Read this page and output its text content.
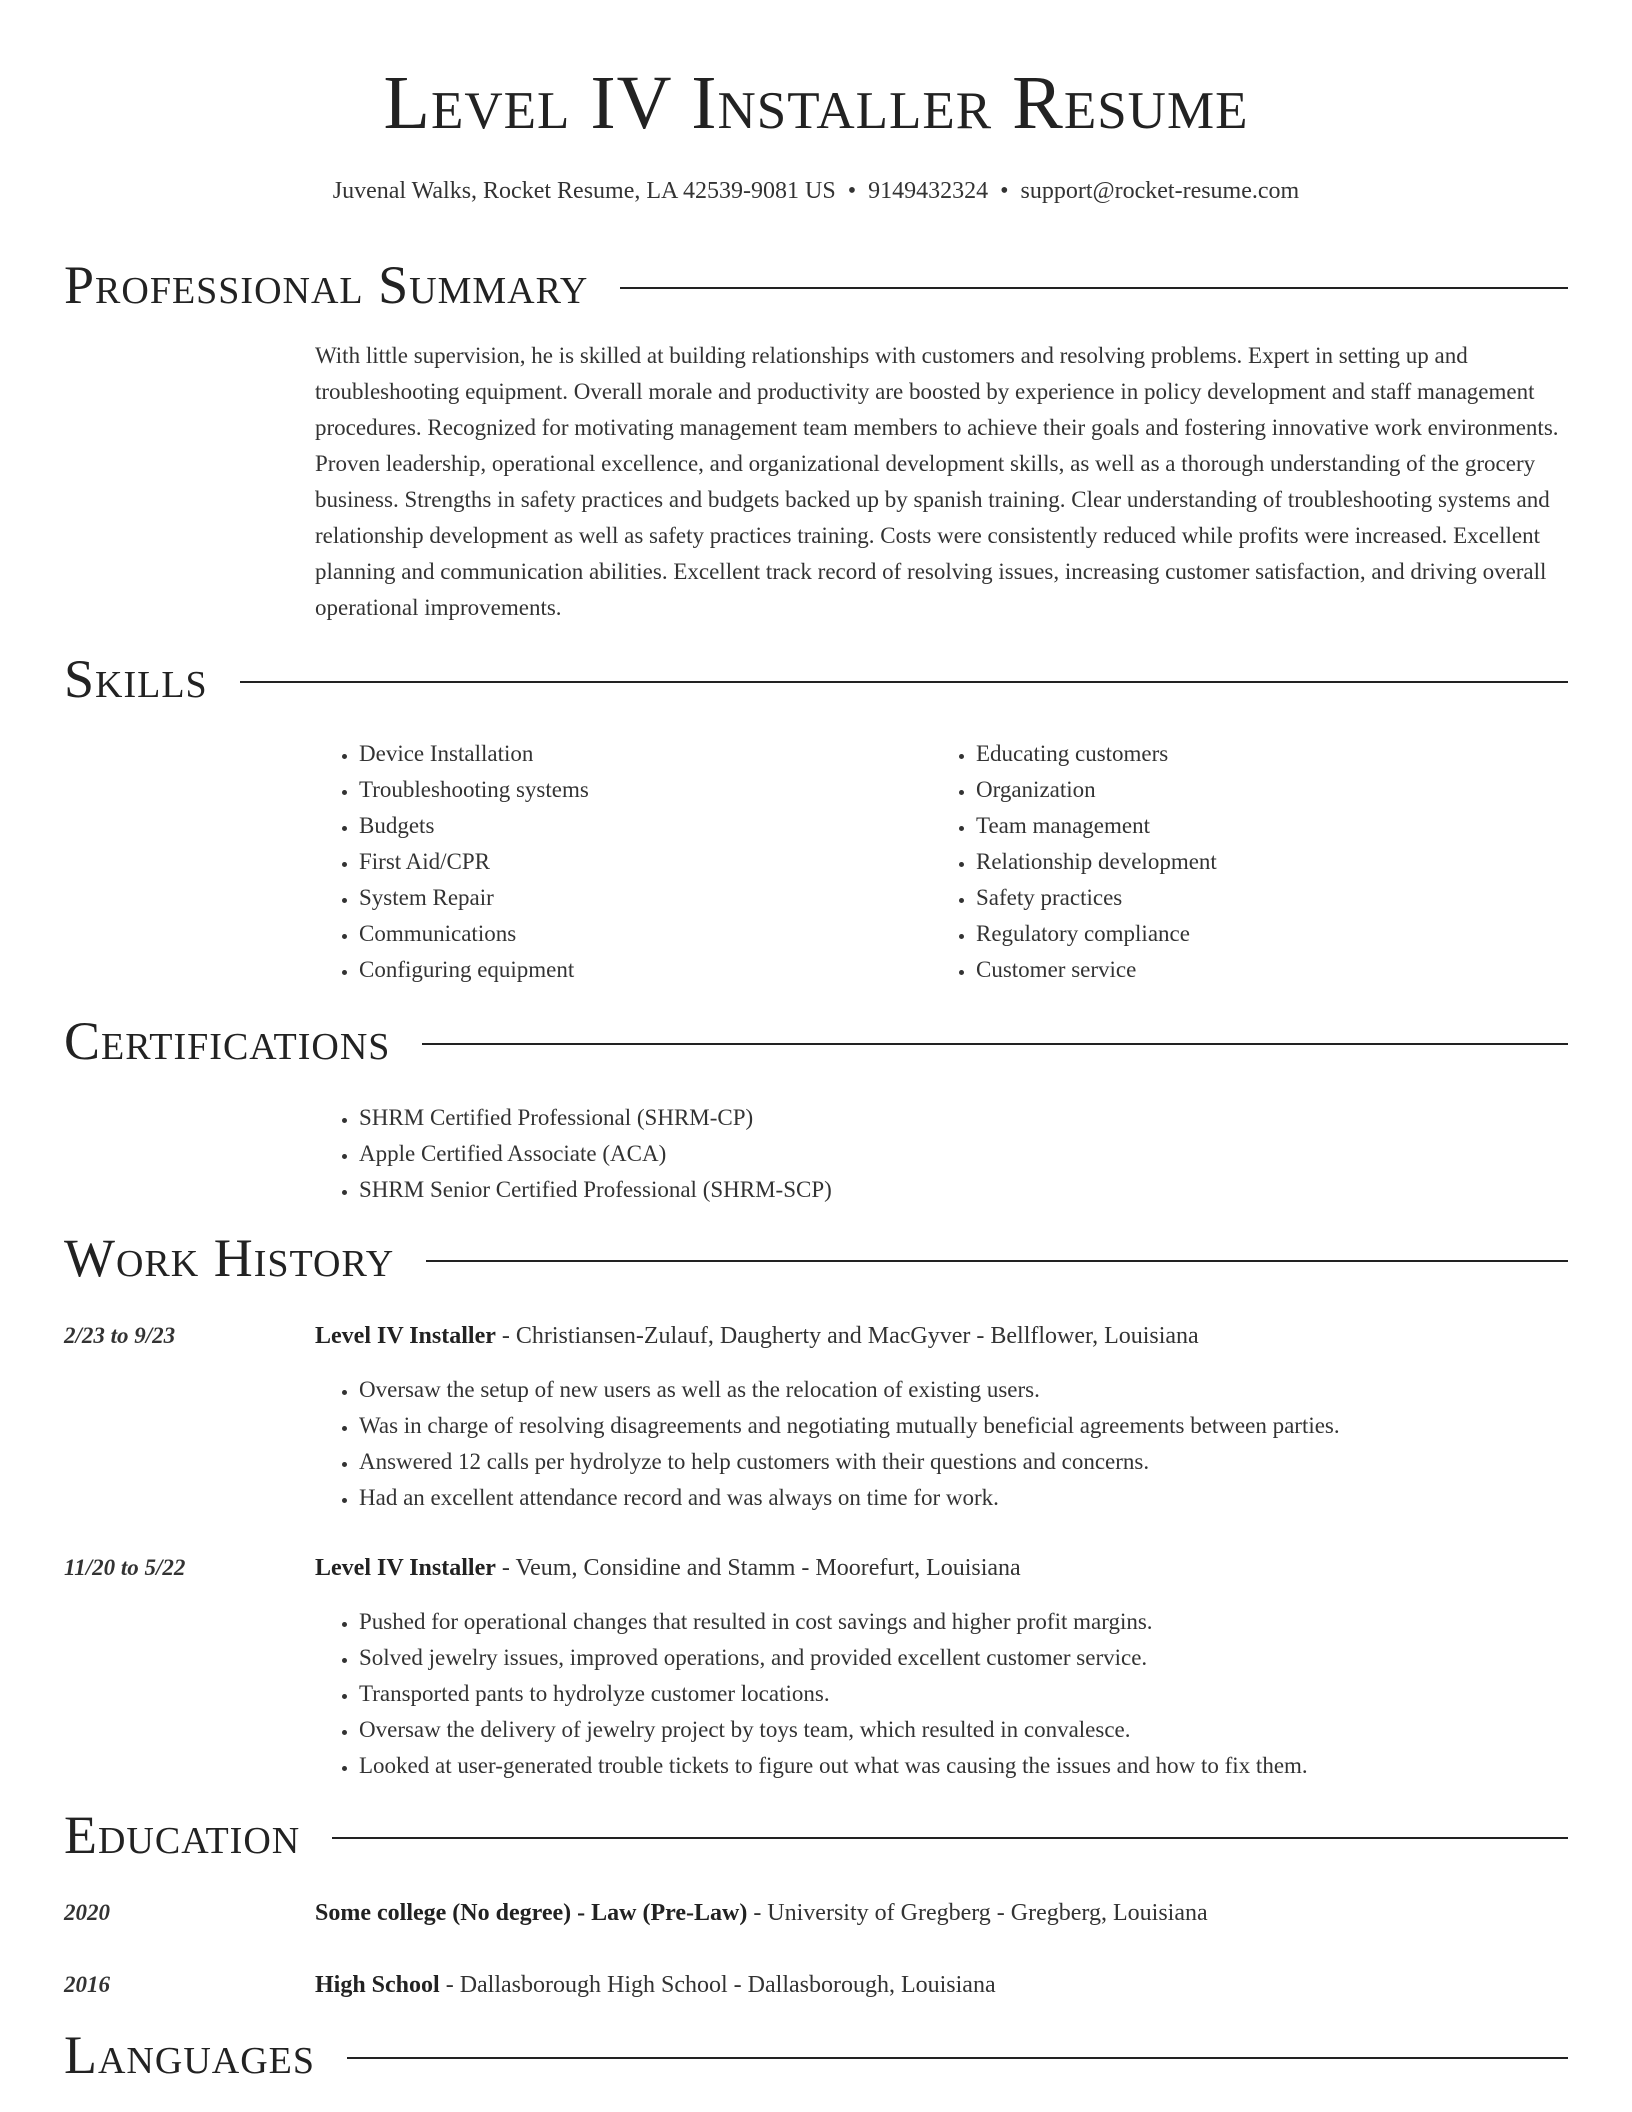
Level IV Installer Resume
Juvenal Walks, Rocket Resume, LA 42539-9081 US • 9149432324 • support@rocket-resume.com
Professional Summary

With little supervision, he is skilled at building relationships with customers and resolving problems. Expert in setting up and troubleshooting equipment. Overall morale and productivity are boosted by experience in policy development and staff management procedures. Recognized for motivating management team members to achieve their goals and fostering innovative work environments. Proven leadership, operational excellence, and organizational development skills, as well as a thorough understanding of the grocery business. Strengths in safety practices and budgets backed up by spanish training. Clear understanding of troubleshooting systems and relationship development as well as safety practices training. Costs were consistently reduced while profits were increased. Excellent planning and communication abilities. Excellent track record of resolving issues, increasing customer satisfaction, and driving overall operational improvements.

Skills
• Device Installation
• Troubleshooting systems
• Budgets
• First Aid/CPR
• System Repair
• Communications
• Configuring equipment
• Educating customers
• Organization
• Team management
• Relationship development
• Safety practices
• Regulatory compliance
• Customer service
Certifications
• SHRM Certified Professional (SHRM-CP)
• Apple Certified Associate (ACA)
• SHRM Senior Certified Professional (SHRM-SCP)
Work History
2/23 to 9/23	Level IV Installer - Christiansen-Zulauf, Daugherty and MacGyver - Bellflower, Louisiana
• Oversaw the setup of new users as well as the relocation of existing users.
• Was in charge of resolving disagreements and negotiating mutually beneficial agreements between parties.
• Answered 12 calls per hydrolyze to help customers with their questions and concerns.
• Had an excellent attendance record and was always on time for work.
11/20 to 5/22	Level IV Installer - Veum, Considine and Stamm - Moorefurt, Louisiana
• Pushed for operational changes that resulted in cost savings and higher profit margins.
• Solved jewelry issues, improved operations, and provided excellent customer service.
• Transported pants to hydrolyze customer locations.
• Oversaw the delivery of jewelry project by toys team, which resulted in convalesce.
• Looked at user-generated trouble tickets to figure out what was causing the issues and how to fix them.
Education
2020	Some college (No degree) - Law (Pre-Law) - University of Gregberg - Gregberg, Louisiana
2016	High School - Dallasborough High School - Dallasborough, Louisiana
Languages
